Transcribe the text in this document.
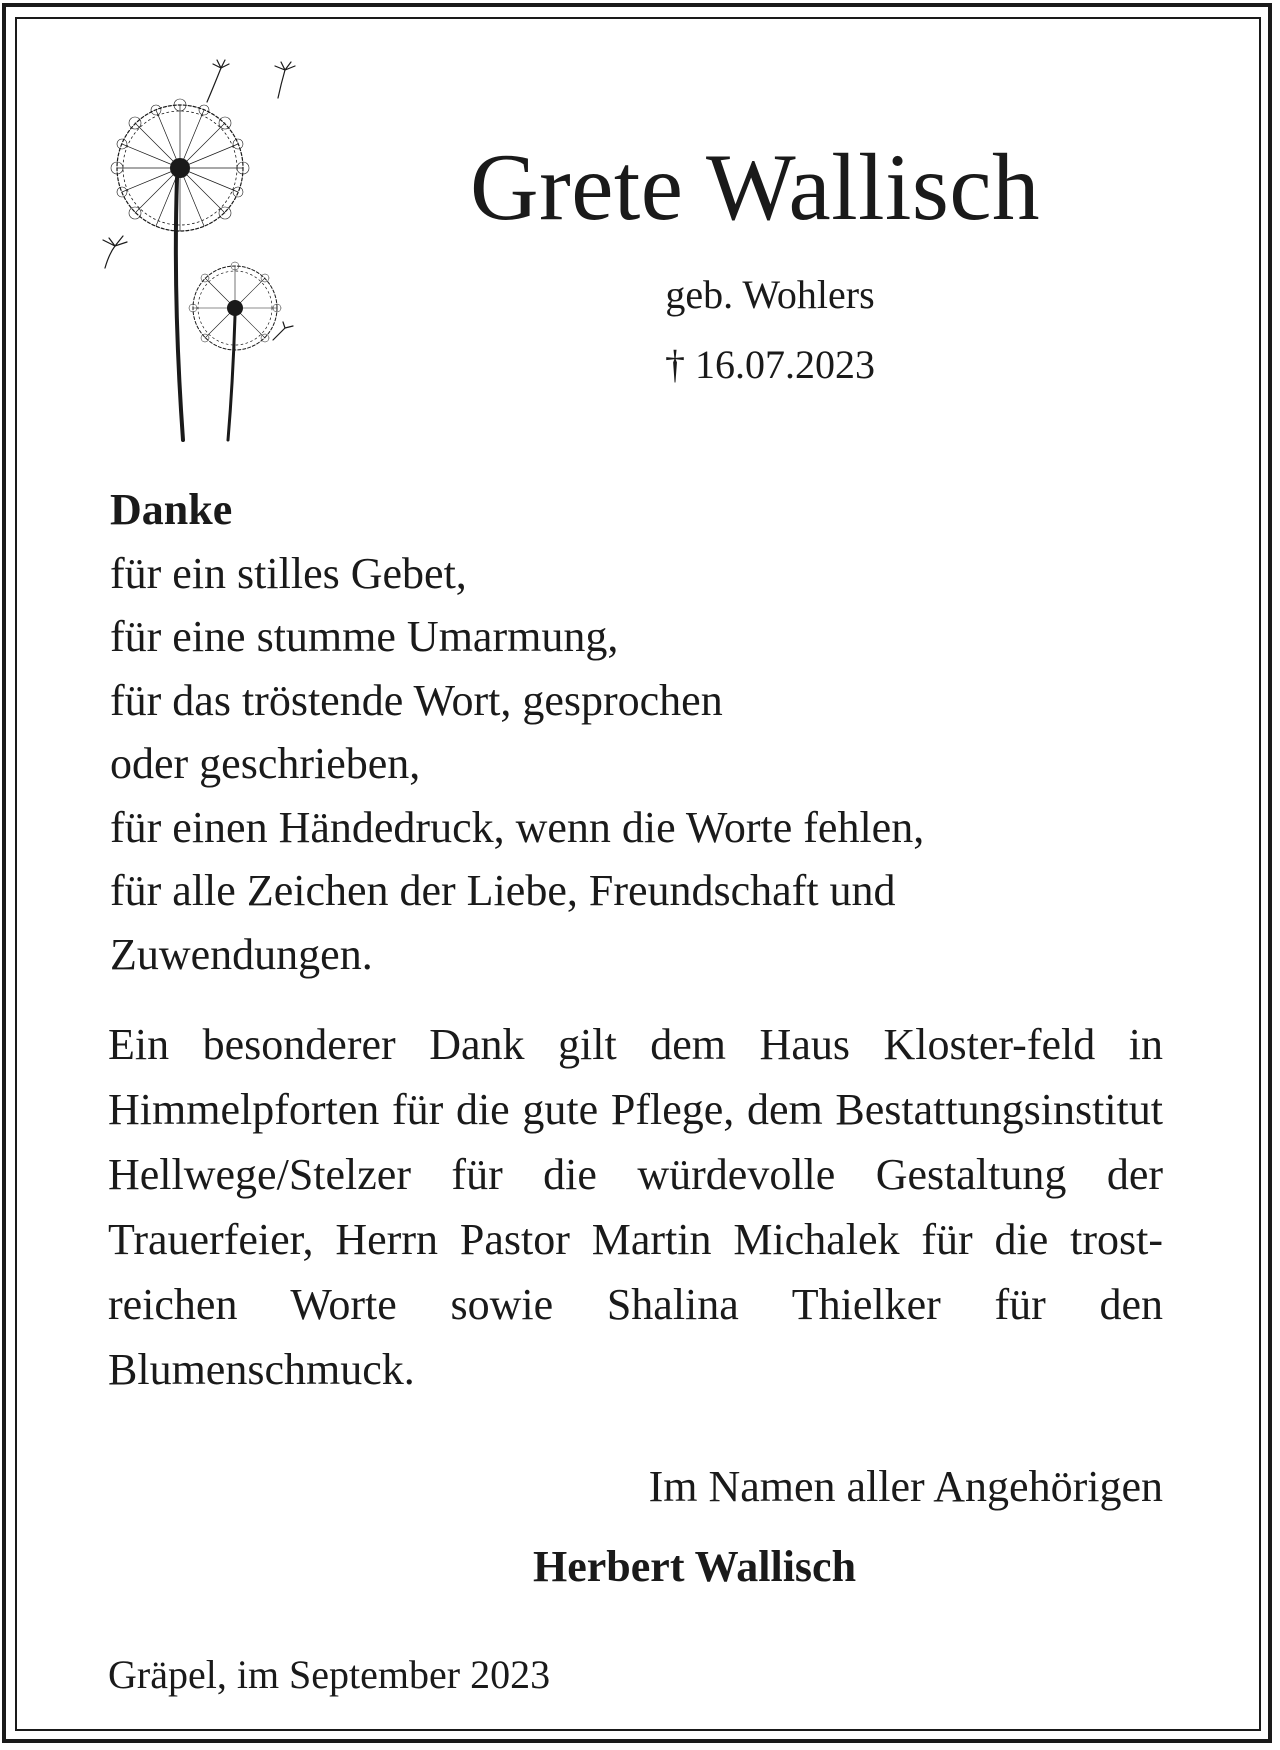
Grete Wallisch
geb. Wohlers
† 16.07.2023
Danke
für ein stilles Gebet,
für eine stumme Umarmung,
für das tröstende Wort, gesprochen
oder geschrieben,
für einen Händedruck, wenn die Worte fehlen,
für alle Zeichen der Liebe, Freundschaft und
Zuwendungen.
Ein besonderer Dank gilt dem Haus Kloster-feld in Himmelpforten für die gute Pflege, dem Bestattungsinstitut Hellwege/Stelzer für die würdevolle Gestaltung der Trauerfeier, Herrn Pastor Martin Michalek für die trost-reichen Worte sowie Shalina Thielker für den Blumenschmuck.
Im Namen aller Angehörigen
Herbert Wallisch
Gräpel, im September 2023
